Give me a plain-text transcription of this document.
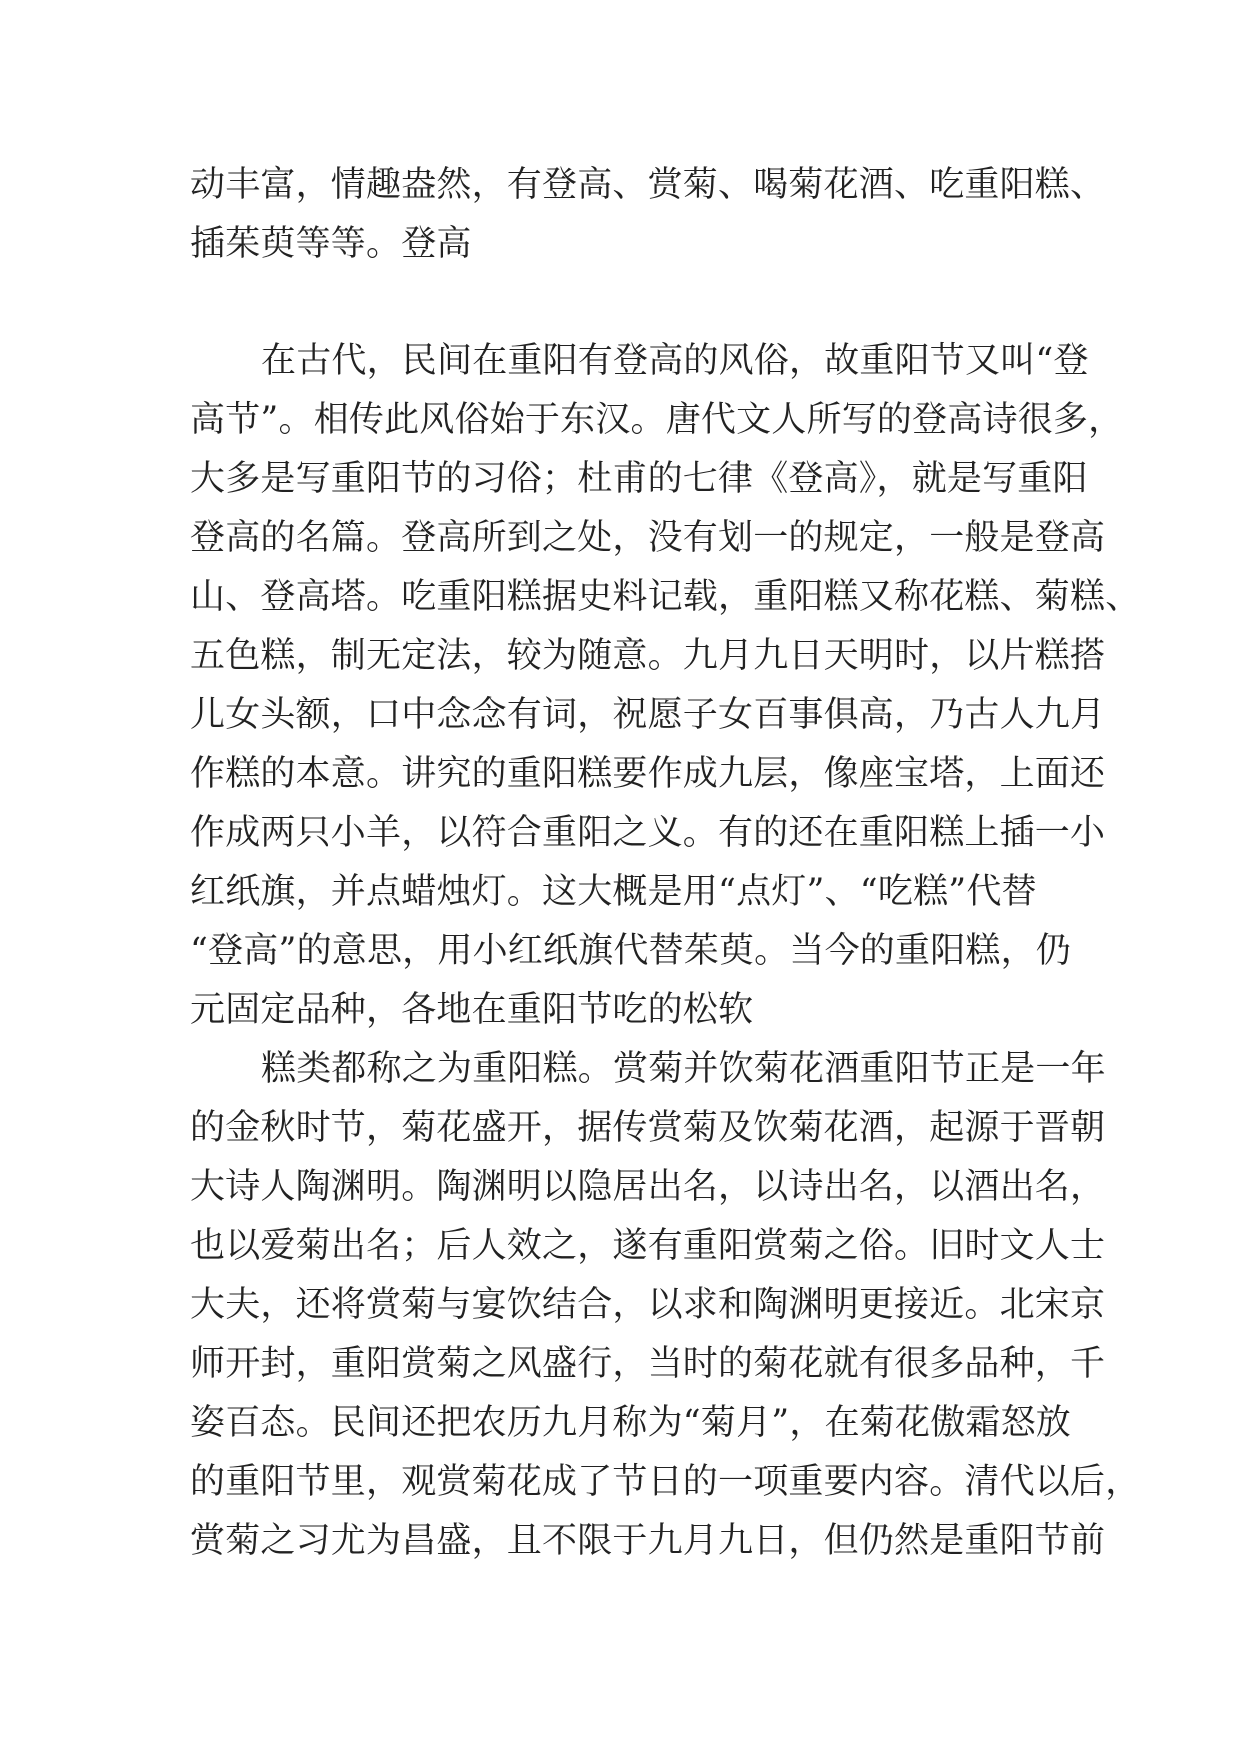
动丰富，情趣盎然，有登高、赏菊、喝菊花酒、吃重阳糕、
插茱萸等等。登高
在古代，民间在重阳有登高的风俗，故重阳节又叫“登
高节”。相传此风俗始于东汉。唐代文人所写的登高诗很多，
大多是写重阳节的习俗；杜甫的七律《登高》，就是写重阳
登高的名篇。登高所到之处，没有划一的规定，一般是登高
山、登高塔。吃重阳糕据史料记载，重阳糕又称花糕、菊糕、
五色糕，制无定法，较为随意。九月九日天明时，以片糕搭
儿女头额，口中念念有词，祝愿子女百事俱高，乃古人九月
作糕的本意。讲究的重阳糕要作成九层，像座宝塔，上面还
作成两只小羊，以符合重阳之义。有的还在重阳糕上插一小
红纸旗，并点蜡烛灯。这大概是用“点灯”、“吃糕”代替
“登高”的意思，用小红纸旗代替茱萸。当今的重阳糕，仍
元固定品种，各地在重阳节吃的松软
糕类都称之为重阳糕。赏菊并饮菊花酒重阳节正是一年
的金秋时节，菊花盛开，据传赏菊及饮菊花酒，起源于晋朝
大诗人陶渊明。陶渊明以隐居出名，以诗出名，以酒出名，
也以爱菊出名；后人效之，遂有重阳赏菊之俗。旧时文人士
大夫，还将赏菊与宴饮结合，以求和陶渊明更接近。北宋京
师开封，重阳赏菊之风盛行，当时的菊花就有很多品种，千
姿百态。民间还把农历九月称为“菊月”，在菊花傲霜怒放
的重阳节里，观赏菊花成了节日的一项重要内容。清代以后，
赏菊之习尤为昌盛，且不限于九月九日，但仍然是重阳节前
